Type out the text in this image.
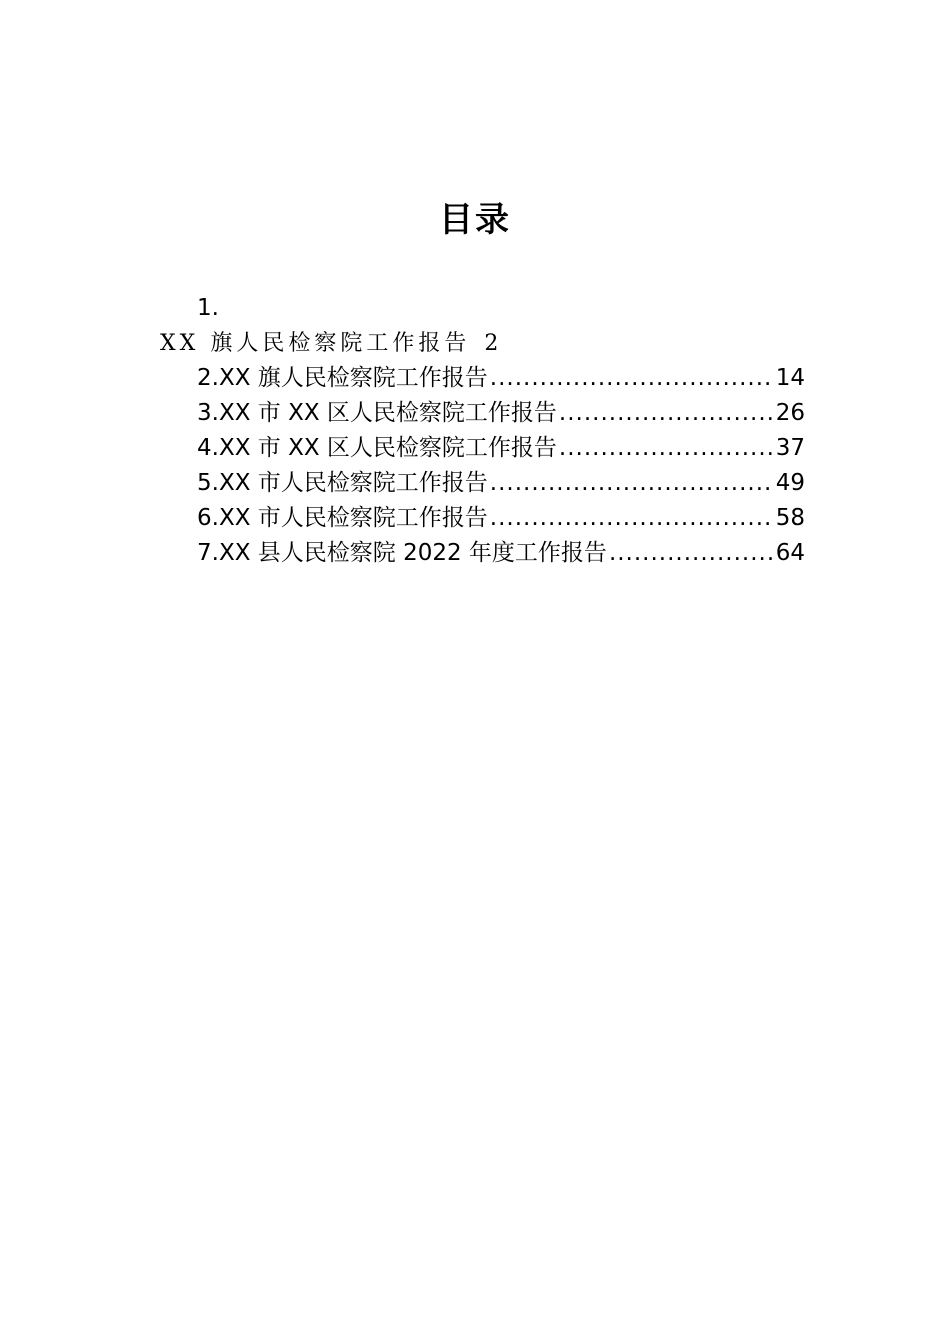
目录
1.
XX 旗人民检察院工作报告 2
2.XX 旗人民检察院工作报告 .....	14
3.XX 市 XX 区人民检察院工作报告 .....	26
4.XX 市 XX 区人民检察院工作报告 .....	37
5.XX 市人民检察院工作报告 .....	49
6.XX 市人民检察院工作报告 .....	58
7.XX 县人民检察院 2022 年度工作报告 .....	64
